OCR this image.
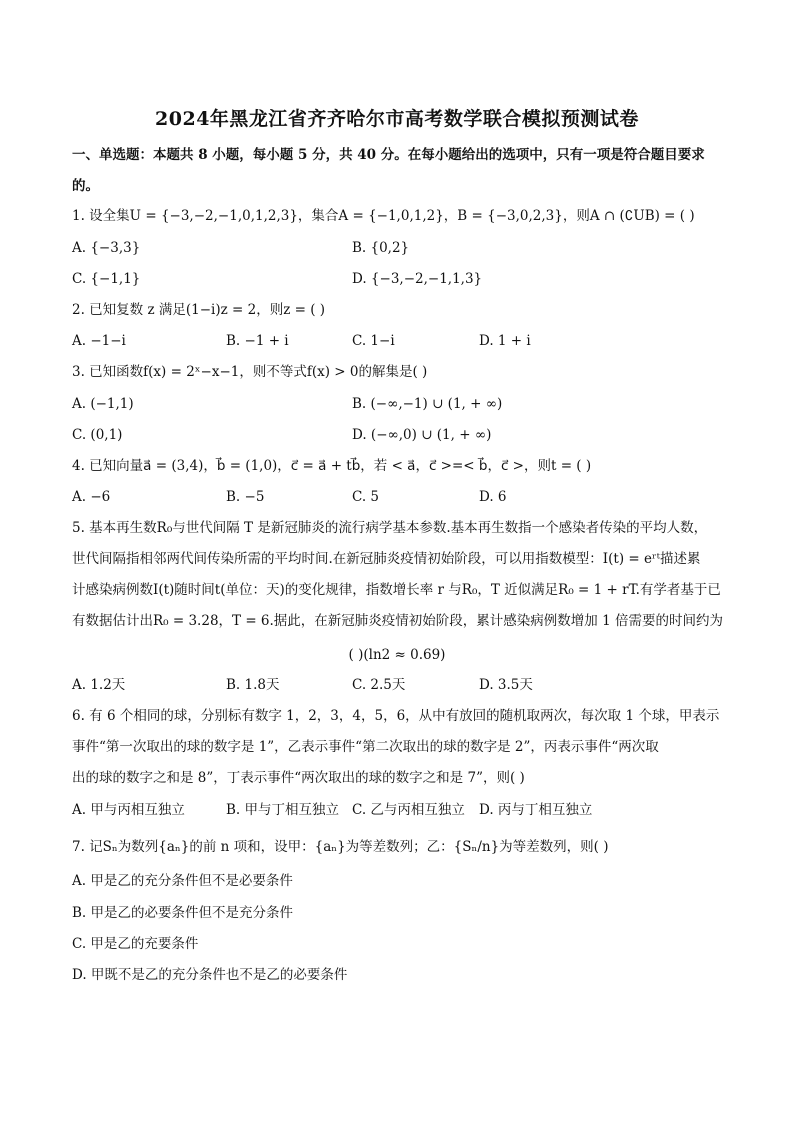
2024年黑龙江省齐齐哈尔市高考数学联合模拟预测试卷
一、单选题：本题共 8 小题，每小题 5 分，共 40 分。在每小题给出的选项中，只有一项是符合题目要求
的。
1. 设全集U = {−3,−2,−1,0,1,2,3}，集合A = {−1,0,1,2}，B = {−3,0,2,3}，则A ∩ (∁UB) = ( )
A. {−3,3}	B. {0,2}
C. {−1,1}	D. {−3,−2,−1,1,3}
2. 已知复数 z 满足(1−i)z = 2，则z = ( )
A. −1−i	B. −1 + i	C. 1−i	D. 1 + i
3. 已知函数f(x) = 2ˣ−x−1，则不等式f(x) > 0的解集是( )
A. (−1,1)	B. (−∞,−1) ∪ (1, + ∞)
C. (0,1)	D. (−∞,0) ∪ (1, + ∞)
4. 已知向量a⃗ = (3,4)，b⃗ = (1,0)，c⃗ = a⃗ + tb⃗，若 < a⃗，c⃗ >=< b⃗，c⃗ >，则t = ( )
A. −6	B. −5	C. 5	D. 6
5. 基本再生数R₀与世代间隔 T 是新冠肺炎的流行病学基本参数.基本再生数指一个感染者传染的平均人数，
世代间隔指相邻两代间传染所需的平均时间.在新冠肺炎疫情初始阶段，可以用指数模型：I(t) = eʳᵗ描述累
计感染病例数I(t)随时间t(单位：天)的变化规律，指数增长率 r 与R₀，T 近似满足R₀ = 1 + rT.有学者基于已
有数据估计出R₀ = 3.28，T = 6.据此，在新冠肺炎疫情初始阶段，累计感染病例数增加 1 倍需要的时间约为
( )(ln2 ≈ 0.69)
A. 1.2天	B. 1.8天	C. 2.5天	D. 3.5天
6. 有 6 个相同的球，分别标有数字 1，2，3，4，5，6，从中有放回的随机取两次，每次取 1 个球，甲表示
事件“第一次取出的球的数字是 1”，乙表示事件“第二次取出的球的数字是 2”，丙表示事件“两次取
出的球的数字之和是 8”，丁表示事件“两次取出的球的数字之和是 7”，则( )
A. 甲与丙相互独立	B. 甲与丁相互独立 C. 乙与丙相互独立 D. 丙与丁相互独立
7. 记Sₙ为数列{aₙ}的前 n 项和，设甲：{aₙ}为等差数列；乙：{Sₙ/n}为等差数列，则( )
A. 甲是乙的充分条件但不是必要条件
B. 甲是乙的必要条件但不是充分条件
C. 甲是乙的充要条件
D. 甲既不是乙的充分条件也不是乙的必要条件
